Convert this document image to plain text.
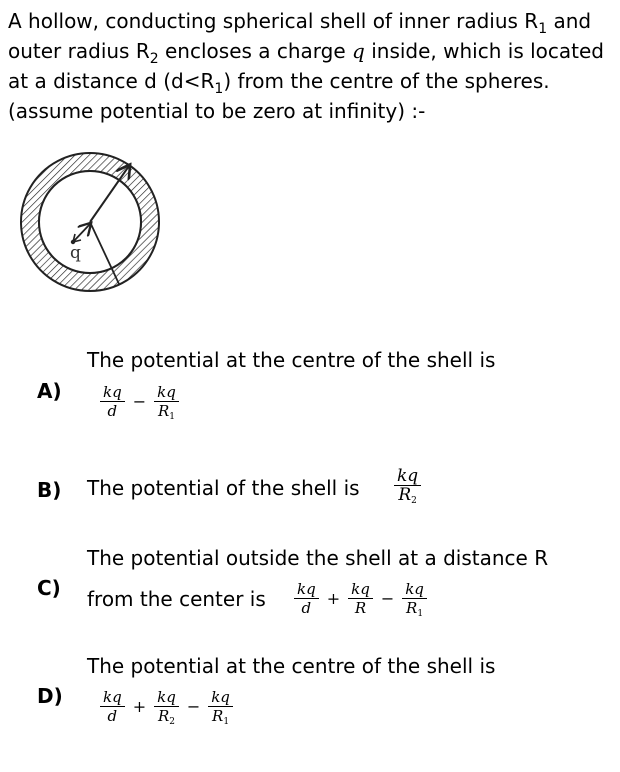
A hollow, conducting spherical shell of inner radius $R_1$ and outer radius $R_2$ encloses a charge q inside, which is located at a distance d $(d<R_1)$ from the centre of the spheres. (assume potential to be zero at infinity) :-
q
A)
The potential at the centre of the shell is
$\frac{kq}{d} - \frac{kq}{R_1}$
B) The potential of the shell is $\frac{kq}{R_2}$
C)
The potential outside the shell at a distance R
from the center is $\frac{kq}{d} + \frac{kq}{R} - \frac{kq}{R_1}$
D)
The potential at the centre of the shell is
$\frac{kq}{d} + \frac{kq}{R_2} - \frac{kq}{R_1}$
